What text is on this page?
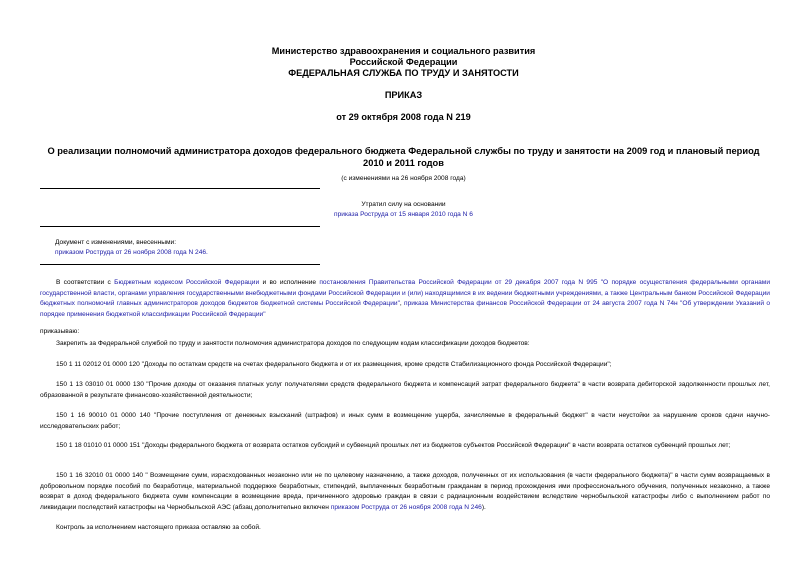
Министерство здравоохранения и социального развития
Российской Федерации
ФЕДЕРАЛЬНАЯ СЛУЖБА ПО ТРУДУ И ЗАНЯТОСТИ
ПРИКАЗ
от 29 октября 2008 года N 219
О реализации полномочий администратора доходов федерального бюджета Федеральной службы по труду и занятости на 2009 год и плановый период 2010 и 2011 годов
(с изменениями на 26 ноября 2008 года)
Утратил силу на основании
приказа Роструда от 15 января 2010 года N 6
Документ с изменениями, внесенными:
приказом Роструда от 26 ноября 2008 года N 246.
В соответствии с Бюджетным кодексом Российской Федерации и во исполнение постановления Правительства Российской Федерации от 29 декабря 2007 года N 995 "О порядке осуществления федеральными органами государственной власти, органами управления государственными внебюджетными фондами Российской Федерации и (или) находящимися в их ведении бюджетными учреждениями, а также Центральным банком Российской Федерации бюджетных полномочий главных администраторов доходов бюджетов бюджетной системы Российской Федерации", приказа Министерства финансов Российской Федерации от 24 августа 2007 года N 74н "Об утверждении Указаний о порядке применения бюджетной классификации Российской Федерации"
приказываю:
Закрепить за Федеральной службой по труду и занятости полномочия администратора доходов по следующим кодам классификации доходов бюджетов:
150 1 11 02012 01 0000 120 "Доходы по остаткам средств на счетах федерального бюджета и от их размещения, кроме средств Стабилизационного фонда Российской Федерации";
150 1 13 03010 01 0000 130 "Прочие доходы от оказания платных услуг получателями средств федерального бюджета и компенсаций затрат федерального бюджета" в части возврата дебиторской задолженности прошлых лет, образованной в результате финансово-хозяйственной деятельности;
150 1 16 90010 01 0000 140 "Прочие поступления от денежных взысканий (штрафов) и иных сумм в возмещение ущерба, зачисляемые в федеральный бюджет" в части неустойки за нарушение сроков сдачи научно-исследовательских работ;
150 1 18 01010 01 0000 151 "Доходы федерального бюджета от возврата остатков субсидий и субвенций прошлых лет из бюджетов субъектов Российской Федерации" в части возврата остатков субвенций прошлых лет;
150 1 16 32010 01 0000 140 " Возмещение сумм, израсходованных незаконно или не по целевому назначению, а также доходов, полученных от их использования (в части федерального бюджета)" в части сумм возвращаемых в добровольном порядке пособий по безработице, материальной поддержке безработных, стипендий, выплаченных безработным гражданам в период прохождения ими профессионального обучения, полученных незаконно, а также возврат в доход федерального бюджета сумм компенсации в возмещение вреда, причиненного здоровью граждан в связи с радиационным воздействием вследствие чернобыльской катастрофы либо с выполнением работ по ликвидации последствий катастрофы на Чернобыльской АЭС (абзац дополнительно включен приказом Роструда от 26 ноября 2008 года N 246).
Контроль за исполнением настоящего приказа оставляю за собой.
